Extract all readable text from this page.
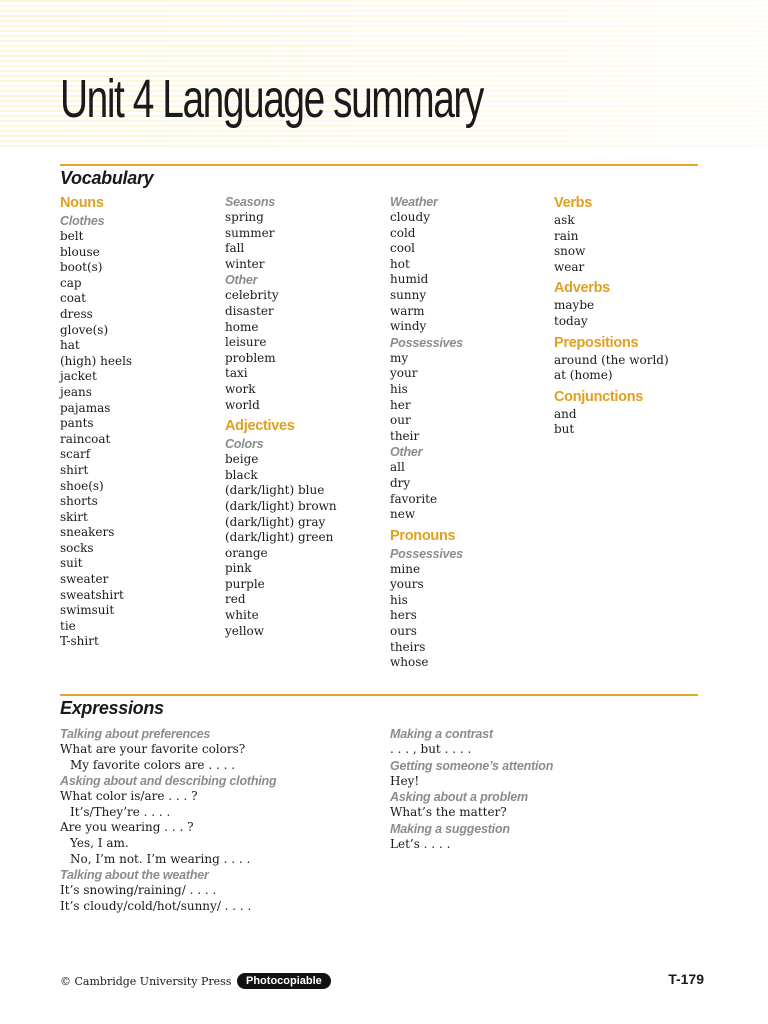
Unit 4 Language summary
Vocabulary
Nouns
Clothes
belt
blouse
boot(s)
cap
coat
dress
glove(s)
hat
(high) heels
jacket
jeans
pajamas
pants
raincoat
scarf
shirt
shoe(s)
shorts
skirt
sneakers
socks
suit
sweater
sweatshirt
swimsuit
tie
T-shirt
Seasons
spring
summer
fall
winter
Other
celebrity
disaster
home
leisure
problem
taxi
work
world
Adjectives
Colors
beige
black
(dark/light) blue
(dark/light) brown
(dark/light) gray
(dark/light) green
orange
pink
purple
red
white
yellow
Weather
cloudy
cold
cool
hot
humid
sunny
warm
windy
Possessives
my
your
his
her
our
their
Other
all
dry
favorite
new
Pronouns
Possessives
mine
yours
his
hers
ours
theirs
whose
Verbs
ask
rain
snow
wear
Adverbs
maybe
today
Prepositions
around (the world)
at (home)
Conjunctions
and
but
Expressions
Talking about preferences
What are your favorite colors?
My favorite colors are . . . .
Asking about and describing clothing
What color is/are . . . ?
It’s/They’re . . . .
Are you wearing . . . ?
Yes, I am.
No, I’m not. I’m wearing . . . .
Talking about the weather
It’s snowing/raining/ . . . .
It’s cloudy/cold/hot/sunny/ . . . .
Making a contrast
. . . , but . . . .
Getting someone’s attention
Hey!
Asking about a problem
What’s the matter?
Making a suggestion
Let’s . . . .
© Cambridge University Press	Photocopiable	T-179
